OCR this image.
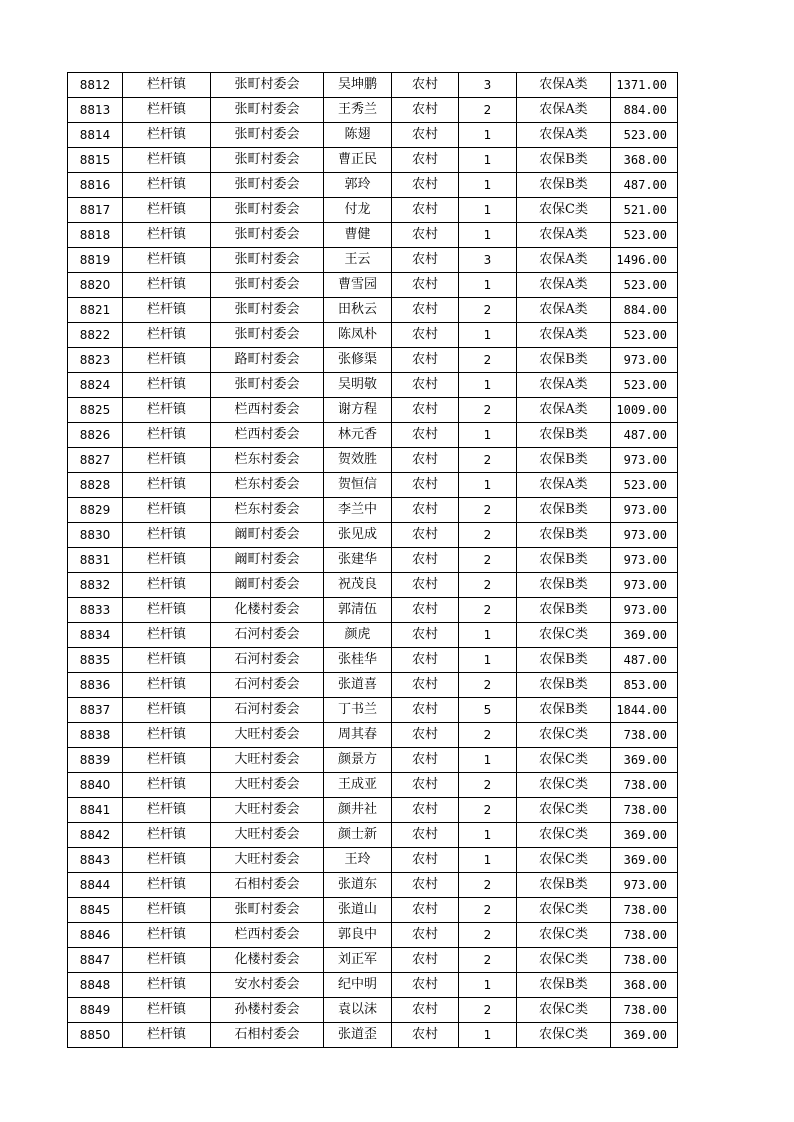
8812	栏杆镇	张町村委会	吴坤鹏	农村	3	农保A类	1371.00
8813	栏杆镇	张町村委会	王秀兰	农村	2	农保A类	884.00
8814	栏杆镇	张町村委会	陈翅	农村	1	农保A类	523.00
8815	栏杆镇	张町村委会	曹正民	农村	1	农保B类	368.00
8816	栏杆镇	张町村委会	郭玲	农村	1	农保B类	487.00
8817	栏杆镇	张町村委会	付龙	农村	1	农保C类	521.00
8818	栏杆镇	张町村委会	曹健	农村	1	农保A类	523.00
8819	栏杆镇	张町村委会	王云	农村	3	农保A类	1496.00
8820	栏杆镇	张町村委会	曹雪园	农村	1	农保A类	523.00
8821	栏杆镇	张町村委会	田秋云	农村	2	农保A类	884.00
8822	栏杆镇	张町村委会	陈凤朴	农村	1	农保A类	523.00
8823	栏杆镇	路町村委会	张修渠	农村	2	农保B类	973.00
8824	栏杆镇	张町村委会	吴明敬	农村	1	农保A类	523.00
8825	栏杆镇	栏西村委会	谢方程	农村	2	农保A类	1009.00
8826	栏杆镇	栏西村委会	林元香	农村	1	农保B类	487.00
8827	栏杆镇	栏东村委会	贺效胜	农村	2	农保B类	973.00
8828	栏杆镇	栏东村委会	贺恒信	农村	1	农保A类	523.00
8829	栏杆镇	栏东村委会	李兰中	农村	2	农保B类	973.00
8830	栏杆镇	阚町村委会	张见成	农村	2	农保B类	973.00
8831	栏杆镇	阚町村委会	张建华	农村	2	农保B类	973.00
8832	栏杆镇	阚町村委会	祝茂良	农村	2	农保B类	973.00
8833	栏杆镇	化楼村委会	郭清伍	农村	2	农保B类	973.00
8834	栏杆镇	石河村委会	颜虎	农村	1	农保C类	369.00
8835	栏杆镇	石河村委会	张桂华	农村	1	农保B类	487.00
8836	栏杆镇	石河村委会	张道喜	农村	2	农保B类	853.00
8837	栏杆镇	石河村委会	丁书兰	农村	5	农保B类	1844.00
8838	栏杆镇	大旺村委会	周其春	农村	2	农保C类	738.00
8839	栏杆镇	大旺村委会	颜景方	农村	1	农保C类	369.00
8840	栏杆镇	大旺村委会	王成亚	农村	2	农保C类	738.00
8841	栏杆镇	大旺村委会	颜井社	农村	2	农保C类	738.00
8842	栏杆镇	大旺村委会	颜士新	农村	1	农保C类	369.00
8843	栏杆镇	大旺村委会	王玲	农村	1	农保C类	369.00
8844	栏杆镇	石相村委会	张道东	农村	2	农保B类	973.00
8845	栏杆镇	张町村委会	张道山	农村	2	农保C类	738.00
8846	栏杆镇	栏西村委会	郭良中	农村	2	农保C类	738.00
8847	栏杆镇	化楼村委会	刘正军	农村	2	农保C类	738.00
8848	栏杆镇	安水村委会	纪中明	农村	1	农保B类	368.00
8849	栏杆镇	孙楼村委会	袁以沫	农村	2	农保C类	738.00
8850	栏杆镇	石相村委会	张道歪	农村	1	农保C类	369.00
